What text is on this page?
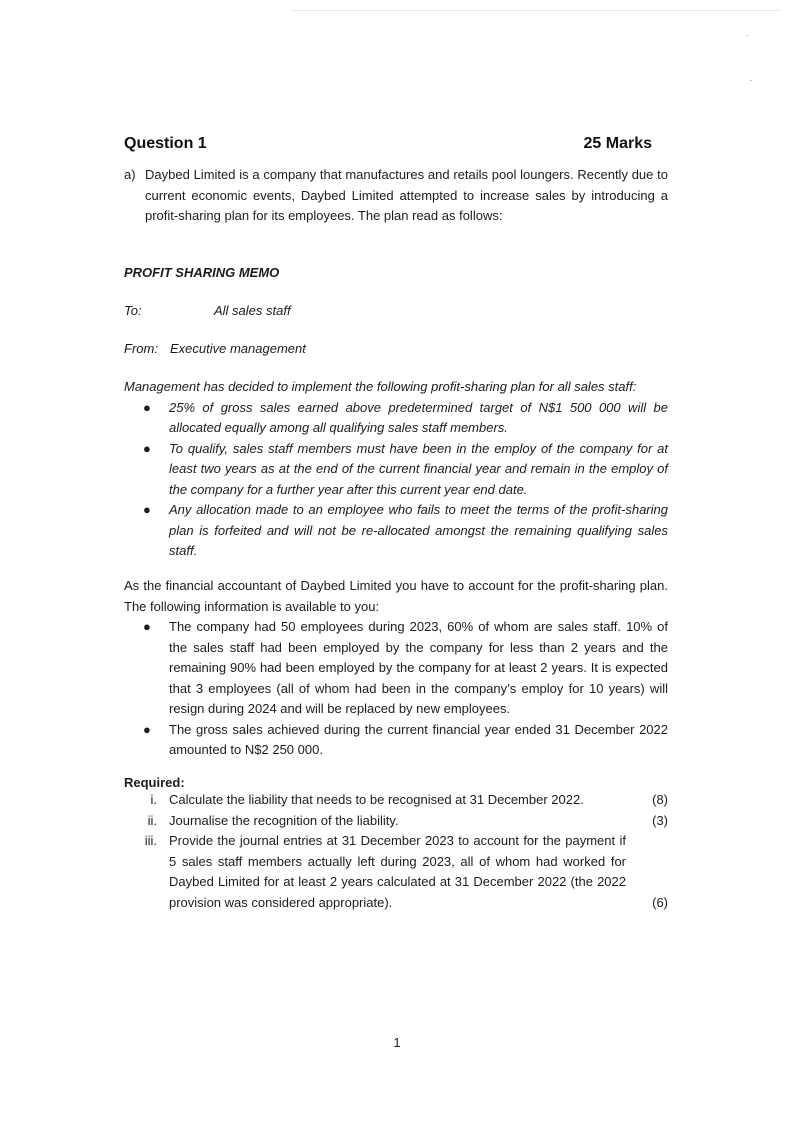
Question 1	25 Marks
a) Daybed Limited is a company that manufactures and retails pool loungers. Recently due to current economic events, Daybed Limited attempted to increase sales by introducing a profit-sharing plan for its employees. The plan read as follows:
PROFIT SHARING MEMO
To:	All sales staff
From: Executive management
Management has decided to implement the following profit-sharing plan for all sales staff:
● 25% of gross sales earned above predetermined target of N$1 500 000 will be allocated equally among all qualifying sales staff members.
● To qualify, sales staff members must have been in the employ of the company for at least two years as at the end of the current financial year and remain in the employ of the company for a further year after this current year end date.
● Any allocation made to an employee who fails to meet the terms of the profit-sharing plan is forfeited and will not be re-allocated amongst the remaining qualifying sales staff.
As the financial accountant of Daybed Limited you have to account for the profit-sharing plan. The following information is available to you:
● The company had 50 employees during 2023, 60% of whom are sales staff. 10% of the sales staff had been employed by the company for less than 2 years and the remaining 90% had been employed by the company for at least 2 years. It is expected that 3 employees (all of whom had been in the company’s employ for 10 years) will resign during 2024 and will be replaced by new employees.
● The gross sales achieved during the current financial year ended 31 December 2022 amounted to N$2 250 000.
Required:
i. Calculate the liability that needs to be recognised at 31 December 2022.	(8)
ii. Journalise the recognition of the liability.	(3)
iii. Provide the journal entries at 31 December 2023 to account for the payment if 5 sales staff members actually left during 2023, all of whom had worked for Daybed Limited for at least 2 years calculated at 31 December 2022 (the 2022 provision was considered appropriate).	(6)
1
